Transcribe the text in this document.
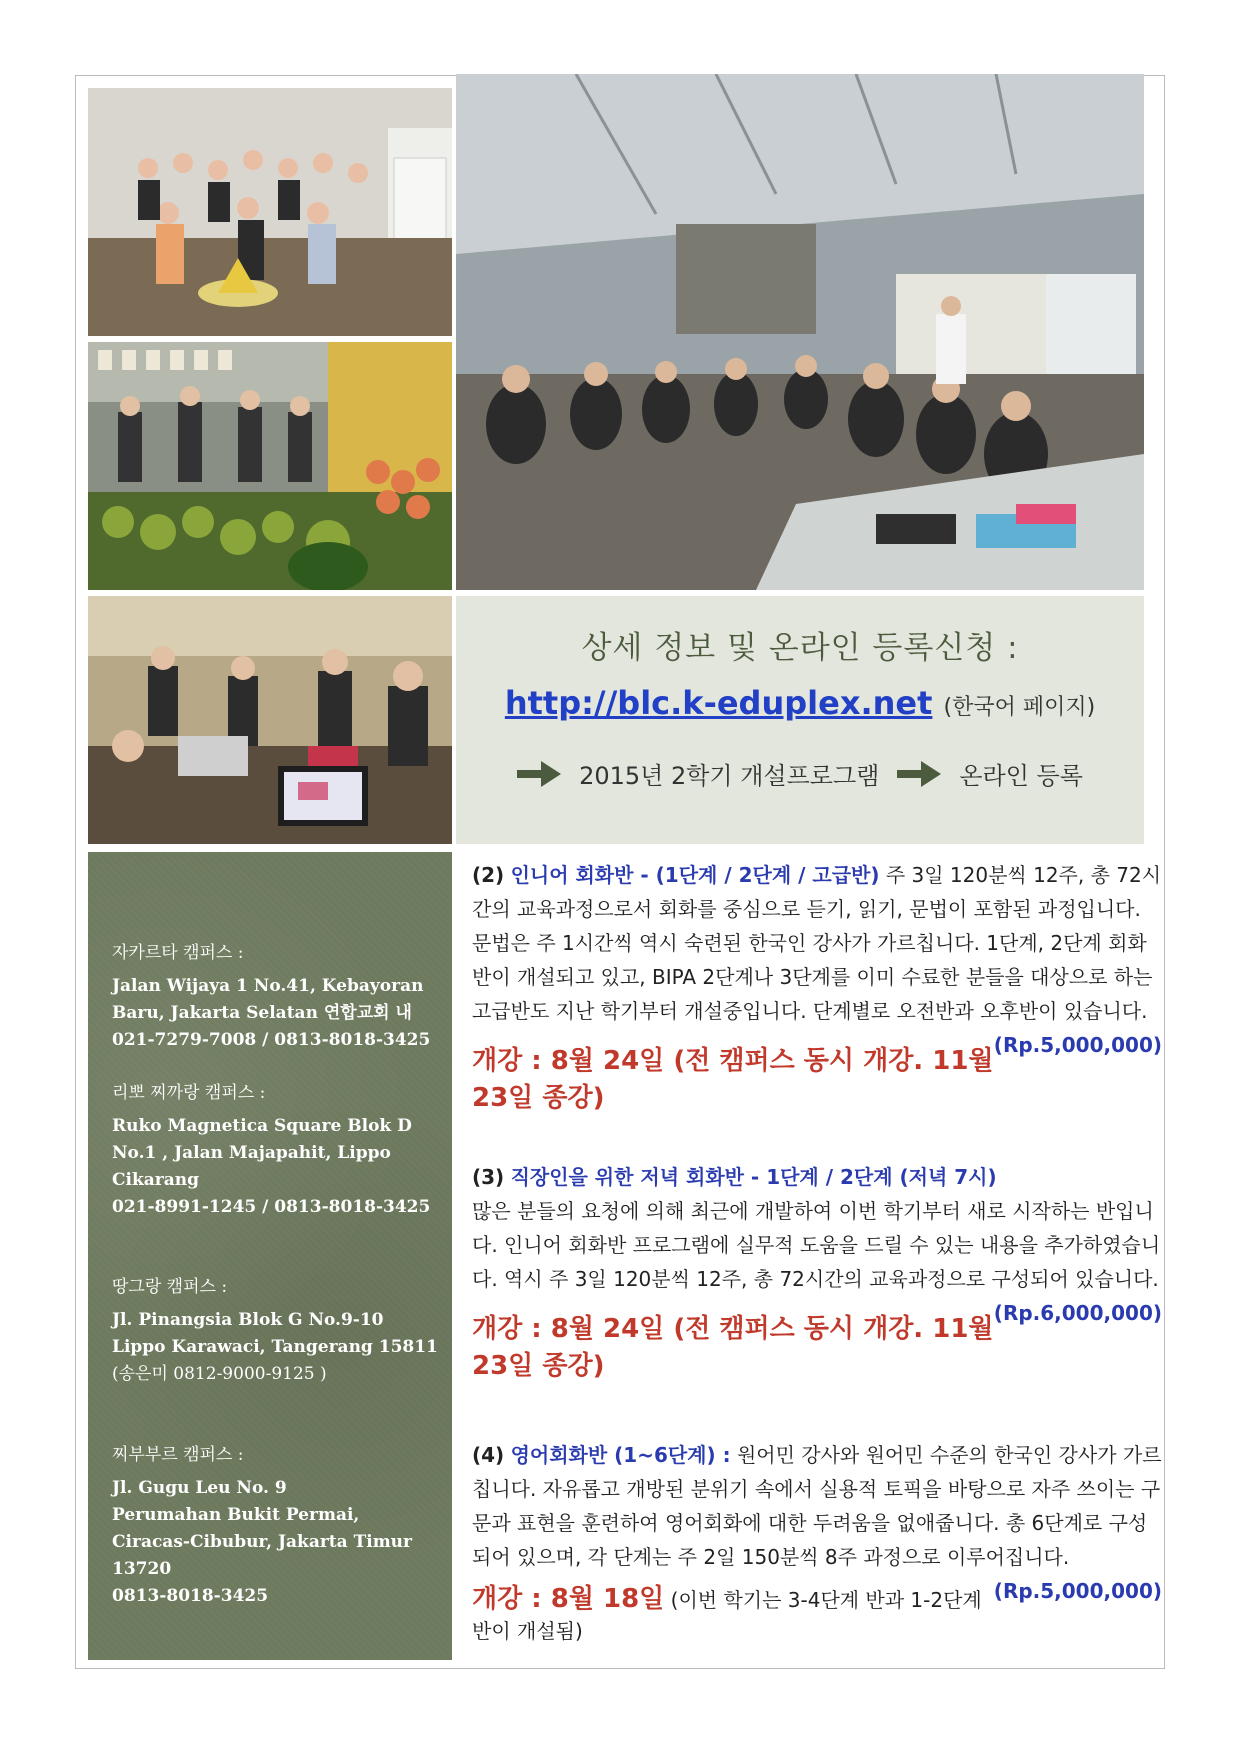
상세 정보 및 온라인 등록신청 :
http://blc.k-eduplex.net (한국어 페이지)
2015년 2학기 개설프로그램	온라인 등록
자카르타 캠퍼스 :
Jalan Wijaya 1 No.41, Kebayoran
Baru, Jakarta Selatan 연합교회 내
021-7279-7008 / 0813-8018-3425
리뽀 찌까랑 캠퍼스 :
Ruko Magnetica Square Blok D
No.1 , Jalan Majapahit, Lippo
Cikarang
021-8991-1245 / 0813-8018-3425
땅그랑 캠퍼스 :
Jl. Pinangsia Blok G No.9-10
Lippo Karawaci, Tangerang 15811
(송은미 0812-9000-9125 )
찌부부르 캠퍼스 :
Jl. Gugu Leu No. 9
Perumahan Bukit Permai,
Ciracas-Cibubur, Jakarta Timur
13720
0813-8018-3425
(2) 인니어 회화반 - (1단계 / 2단계 / 고급반) 주 3일 120분씩 12주, 총 72시간의 교육과정으로서 회화를 중심으로 듣기, 읽기, 문법이 포함된 과정입니다. 문법은 주 1시간씩 역시 숙련된 한국인 강사가 가르칩니다. 1단계, 2단계 회화반이 개설되고 있고, BIPA 2단계나 3단계를 이미 수료한 분들을 대상으로 하는 고급반도 지난 학기부터 개설중입니다. 단계별로 오전반과 오후반이 있습니다.
(Rp.5,000,000)
개강 : 8월 24일 (전 캠퍼스 동시 개강. 11월 23일 종강)
(3) 직장인을 위한 저녁 회화반 - 1단계 / 2단계 (저녁 7시)
많은 분들의 요청에 의해 최근에 개발하여 이번 학기부터 새로 시작하는 반입니다. 인니어 회화반 프로그램에 실무적 도움을 드릴 수 있는 내용을 추가하였습니다. 역시 주 3일 120분씩 12주, 총 72시간의 교육과정으로 구성되어 있습니다.
(Rp.6,000,000)
개강 : 8월 24일 (전 캠퍼스 동시 개강. 11월 23일 종강)
(4) 영어회화반 (1~6단계) : 원어민 강사와 원어민 수준의 한국인 강사가 가르칩니다. 자유롭고 개방된 분위기 속에서 실용적 토픽을 바탕으로 자주 쓰이는 구문과 표현을 훈련하여 영어회화에 대한 두려움을 없애줍니다. 총 6단계로 구성되어 있으며, 각 단계는 주 2일 150분씩 8주 과정으로 이루어집니다.
(Rp.5,000,000)
개강 : 8월 18일 (이번 학기는 3-4단계 반과 1-2단계 반이 개설됨)
